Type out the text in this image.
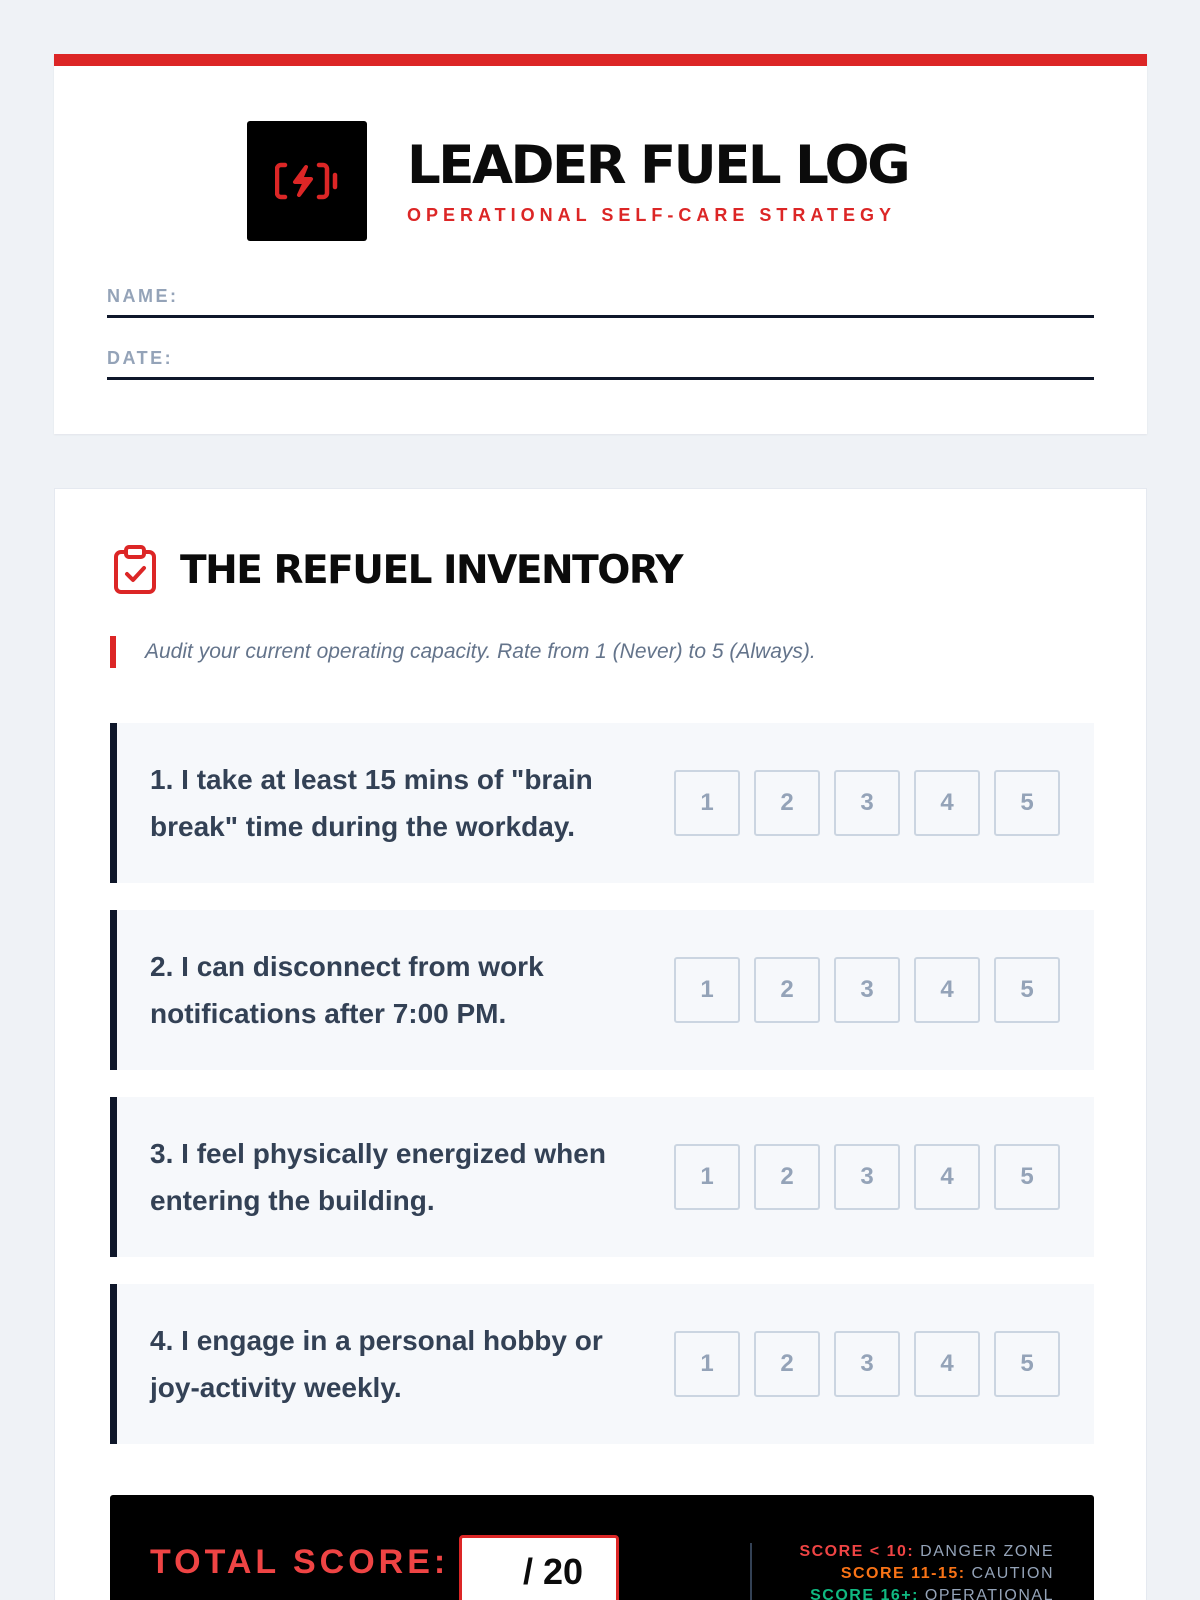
LEADER FUEL LOG
OPERATIONAL SELF-CARE STRATEGY
NAME:
DATE:
THE REFUEL INVENTORY
Audit your current operating capacity. Rate from 1 (Never) to 5 (Always).
1. I take at least 15 mins of "brain break" time during the workday.
1	2	3	4	5
2. I can disconnect from work notifications after 7:00 PM.
1	2	3	4	5
3. I feel physically energized when entering the building.
1	2	3	4	5
4. I engage in a personal hobby or joy-activity weekly.
1	2	3	4	5
TOTAL SCORE: / 20	SCORE < 10: DANGER ZONE
SCORE 11-15: CAUTION
SCORE 16+: OPERATIONAL
